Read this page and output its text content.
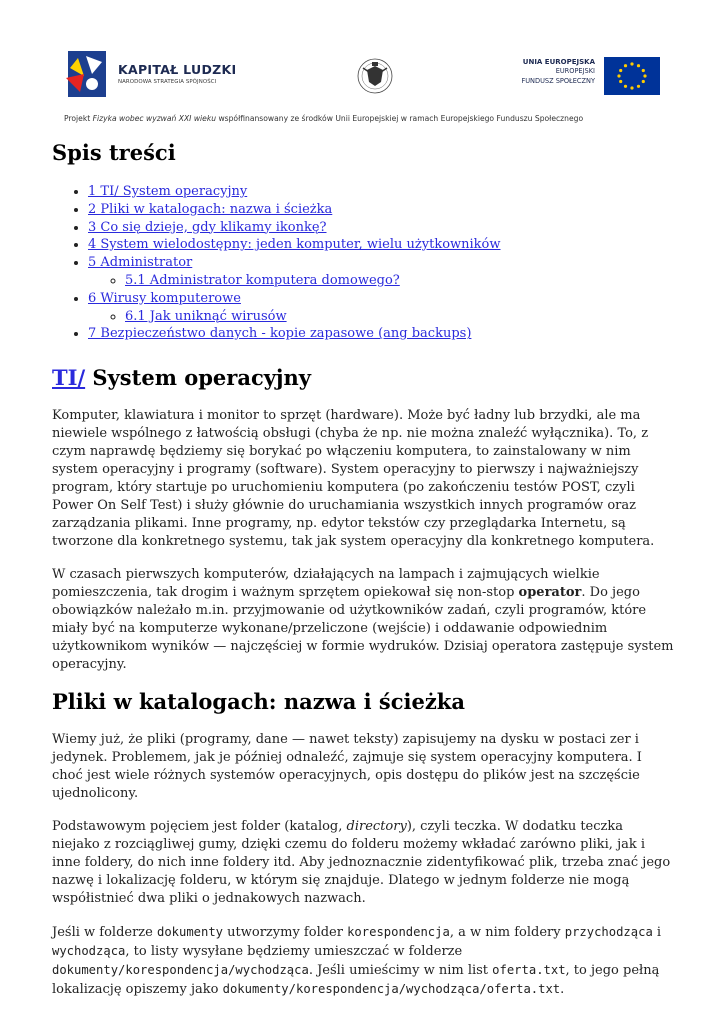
KAPITAŁ LUDZKI
NARODOWA STRATEGIA SPÓJNOŚCI
UNIA EUROPEJSKA
EUROPEJSKI
FUNDUSZ SPOŁECZNY
Projekt Fizyka wobec wyzwań XXI wieku współfinansowany ze środków Unii Europejskiej w ramach Europejskiego Funduszu Społecznego
Spis treści
• 1 TI/ System operacyjny
• 2 Pliki w katalogach: nazwa i ścieżka
• 3 Co się dzieje, gdy klikamy ikonkę?
• 4 System wielodostępny: jeden komputer, wielu użytkowników
• 5 Administrator
◦ 5.1 Administrator komputera domowego?
• 6 Wirusy komputerowe
◦ 6.1 Jak uniknąć wirusów
• 7 Bezpieczeństwo danych - kopie zapasowe (ang backups)
TI/ System operacyjny

Komputer, klawiatura i monitor to sprzęt (hardware). Może być ładny lub brzydki, ale ma niewiele wspólnego z łatwością obsługi (chyba że np. nie można znaleźć wyłącznika). To, z czym naprawdę będziemy się borykać po włączeniu komputera, to zainstalowany w nim system operacyjny i programy (software). System operacyjny to pierwszy i najważniejszy program, który startuje po uruchomieniu komputera (po zakończeniu testów POST, czyli Power On Self Test) i służy głównie do uruchamiania wszystkich innych programów oraz zarządzania plikami. Inne programy, np. edytor tekstów czy przeglądarka Internetu, są tworzone dla konkretnego systemu, tak jak system operacyjny dla konkretnego komputera.

W czasach pierwszych komputerów, działających na lampach i zajmujących wielkie pomieszczenia, tak drogim i ważnym sprzętem opiekował się non-stop operator. Do jego obowiązków należało m.in. przyjmowanie od użytkowników zadań, czyli programów, które miały być na komputerze wykonane/przeliczone (wejście) i oddawanie odpowiednim użytkownikom wyników — najczęściej w formie wydruków. Dzisiaj operatora zastępuje system operacyjny.

Pliki w katalogach: nazwa i ścieżka

Wiemy już, że pliki (programy, dane — nawet teksty) zapisujemy na dysku w postaci zer i jedynek. Problemem, jak je później odnaleźć, zajmuje się system operacyjny komputera. I choć jest wiele różnych systemów operacyjnych, opis dostępu do plików jest na szczęście ujednolicony.

Podstawowym pojęciem jest folder (katalog, directory), czyli teczka. W dodatku teczka niejako z rozciągliwej gumy, dzięki czemu do folderu możemy wkładać zarówno pliki, jak i inne foldery, do nich inne foldery itd. Aby jednoznacznie zidentyfikować plik, trzeba znać jego nazwę i lokalizację folderu, w którym się znajduje. Dlatego w jednym folderze nie mogą współistnieć dwa pliki o jednakowych nazwach.

Jeśli w folderze dokumenty utworzymy folder korespondencja, a w nim foldery przychodząca i wychodząca, to listy wysyłane będziemy umieszczać w folderze dokumenty/korespondencja/wychodząca. Jeśli umieścimy w nim list oferta.txt, to jego pełną lokalizację opiszemy jako dokumenty/korespondencja/wychodząca/oferta.txt.
